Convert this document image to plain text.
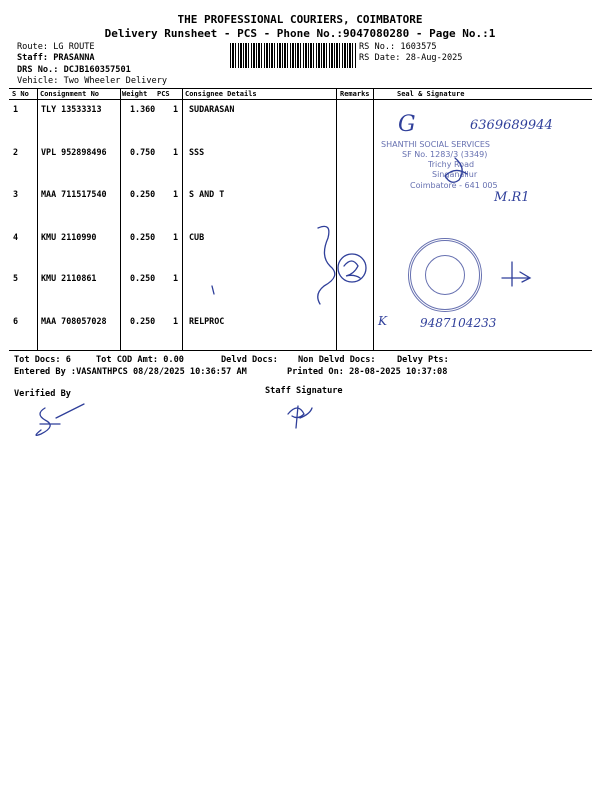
THE PROFESSIONAL COURIERS, COIMBATORE
Delivery Runsheet - PCS - Phone No.:9047080280 - Page No.:1
Route: LG ROUTE
Staff: PRASANNA
DRS No.: DCJB160357501
Vehicle: Two Wheeler Delivery
RS No.: 1603575
RS Date: 28-Aug-2025
S No Consignment No	Weight PCS Consignee Details	Remarks	Seal & Signature
1	TLY 13533313	1.360 1 SUDARASAN
2	VPL 952898496	0.750 1 SSS
3	MAA 711517540	0.250 1 S AND T
4	KMU 2110990	0.250 1 CUB
5	KMU 2110861	0.250 1
6	MAA 708057028	0.250 1 RELPROC
G	6369689944
SHANTHI SOCIAL SERVICES
SF No. 1283/3 (3349)
Trichy Road
Singanallur
Coimbatore - 641 005
M.R1
K	9487104233
Tot Docs: 6	Tot COD Amt: 0.00	Delvd Docs: Non Delvd Docs: Delvy Pts:
Entered By :VASANTHPCS 08/28/2025 10:36:57 AM	Printed On: 28-08-2025 10:37:08
Verified By	Staff Signature
